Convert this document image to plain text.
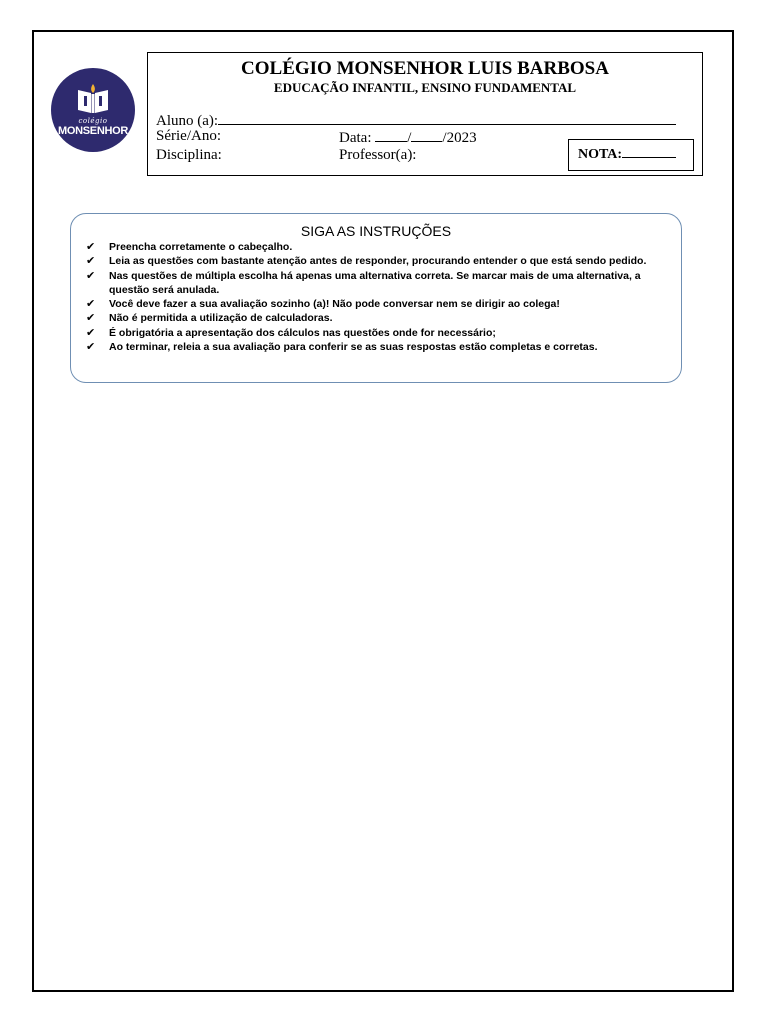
colégio
MONSENHOR
COLÉGIO MONSENHOR LUIS BARBOSA
EDUCAÇÃO INFANTIL, ENSINO FUNDAMENTAL
Aluno (a):
Série/Ano:	Data: / /2023
Disciplina:	Professor(a):	NOTA:
SIGA AS INSTRUÇÕES
✔ Preencha corretamente o cabeçalho.
✔ Leia as questões com bastante atenção antes de responder, procurando entender o que está sendo pedido.
✔ Nas questões de múltipla escolha há apenas uma alternativa correta. Se marcar mais de uma alternativa, a questão será anulada.
✔ Você deve fazer a sua avaliação sozinho (a)! Não pode conversar nem se dirigir ao colega!
✔ Não é permitida a utilização de calculadoras.
✔ É obrigatória a apresentação dos cálculos nas questões onde for necessário;
✔ Ao terminar, releia a sua avaliação para conferir se as suas respostas estão completas e corretas.
